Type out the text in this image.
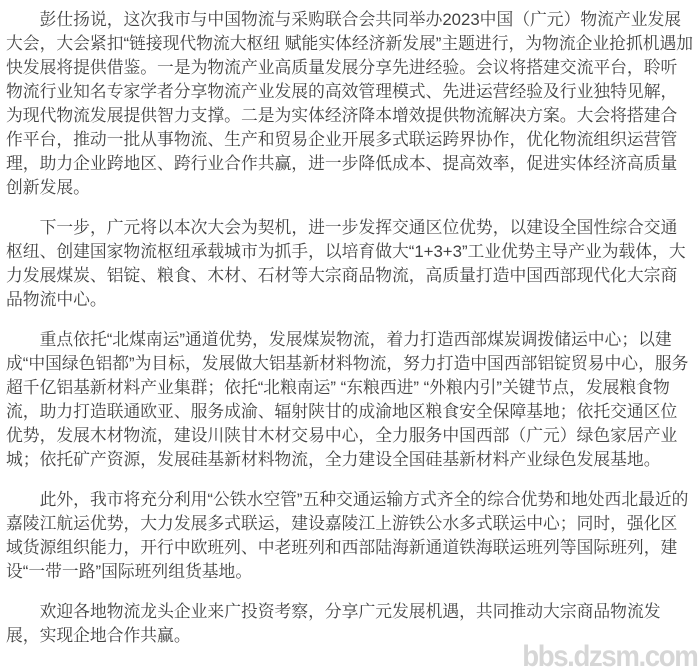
彭仕扬说，这次我市与中国物流与采购联合会共同举办2023中国（广元）物流产业发展大会，大会紧扣“链接现代物流大枢纽 赋能实体经济新发展”主题进行，为物流企业抢抓机遇加快发展将提供借鉴。一是为物流产业高质量发展分享先进经验。会议将搭建交流平台，聆听物流行业知名专家学者分享物流产业发展的高效管理模式、先进运营经验及行业独特见解，为现代物流发展提供智力支撑。二是为实体经济降本增效提供物流解决方案。大会将搭建合作平台，推动一批从事物流、生产和贸易企业开展多式联运跨界协作，优化物流组织运营管理，助力企业跨地区、跨行业合作共赢，进一步降低成本、提高效率，促进实体经济高质量创新发展。

下一步，广元将以本次大会为契机，进一步发挥交通区位优势，以建设全国性综合交通枢纽、创建国家物流枢纽承载城市为抓手，以培育做大“1+3+3”工业优势主导产业为载体，大力发展煤炭、铝锭、粮食、木材、石材等大宗商品物流，高质量打造中国西部现代化大宗商品物流中心。

重点依托“北煤南运”通道优势，发展煤炭物流，着力打造西部煤炭调拨储运中心；以建成“中国绿色铝都”为目标，发展做大铝基新材料物流，努力打造中国西部铝锭贸易中心，服务超千亿铝基新材料产业集群；依托“北粮南运” “东粮西进” “外粮内引”关键节点，发展粮食物流，助力打造联通欧亚、服务成渝、辐射陕甘的成渝地区粮食安全保障基地；依托交通区位优势，发展木材物流，建设川陕甘木材交易中心，全力服务中国西部（广元）绿色家居产业城；依托矿产资源，发展硅基新材料物流，全力建设全国硅基新材料产业绿色发展基地。

此外，我市将充分利用“公铁水空管”五种交通运输方式齐全的综合优势和地处西北最近的嘉陵江航运优势，大力发展多式联运，建设嘉陵江上游铁公水多式联运中心；同时，强化区域货源组织能力，开行中欧班列、中老班列和西部陆海新通道铁海联运班列等国际班列，建设“一带一路”国际班列组货基地。

欢迎各地物流龙头企业来广投资考察，分享广元发展机遇，共同推动大宗商品物流发展，实现企地合作共赢。

bbs.dzsm.com
